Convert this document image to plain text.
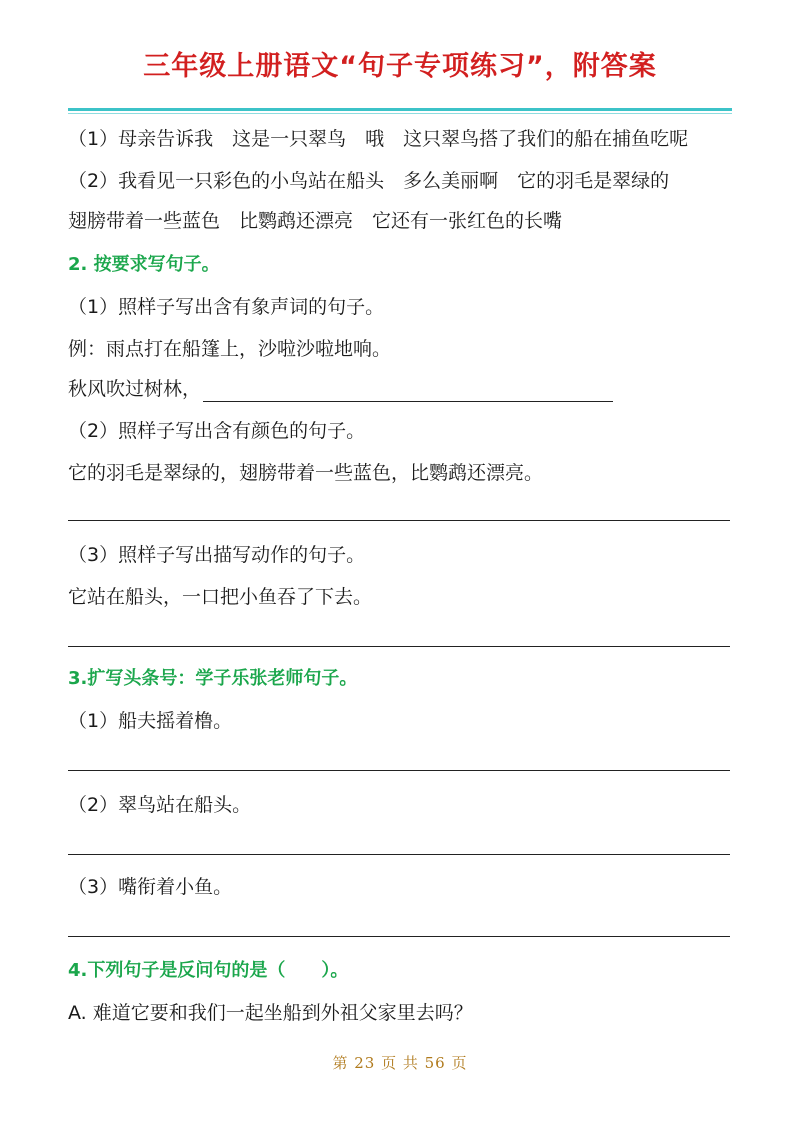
三年级上册语文“句子专项练习”，附答案
（1）母亲告诉我　这是一只翠鸟　哦　这只翠鸟搭了我们的船在捕鱼吃呢
（2）我看见一只彩色的小鸟站在船头　多么美丽啊　它的羽毛是翠绿的
翅膀带着一些蓝色　比鹦鹉还漂亮　它还有一张红色的长嘴
2. 按要求写句子。
（1）照样子写出含有象声词的句子。
例：雨点打在船篷上，沙啦沙啦地响。
秋风吹过树林，
（2）照样子写出含有颜色的句子。
它的羽毛是翠绿的，翅膀带着一些蓝色，比鹦鹉还漂亮。
（3）照样子写出描写动作的句子。
它站在船头，一口把小鱼吞了下去。
3.扩写头条号：学子乐张老师句子。
（1）船夫摇着橹。
（2）翠鸟站在船头。
（3）嘴衔着小鱼。
4.下列句子是反问句的是（　　）。
A. 难道它要和我们一起坐船到外祖父家里去吗？
第 23 页 共 56 页
